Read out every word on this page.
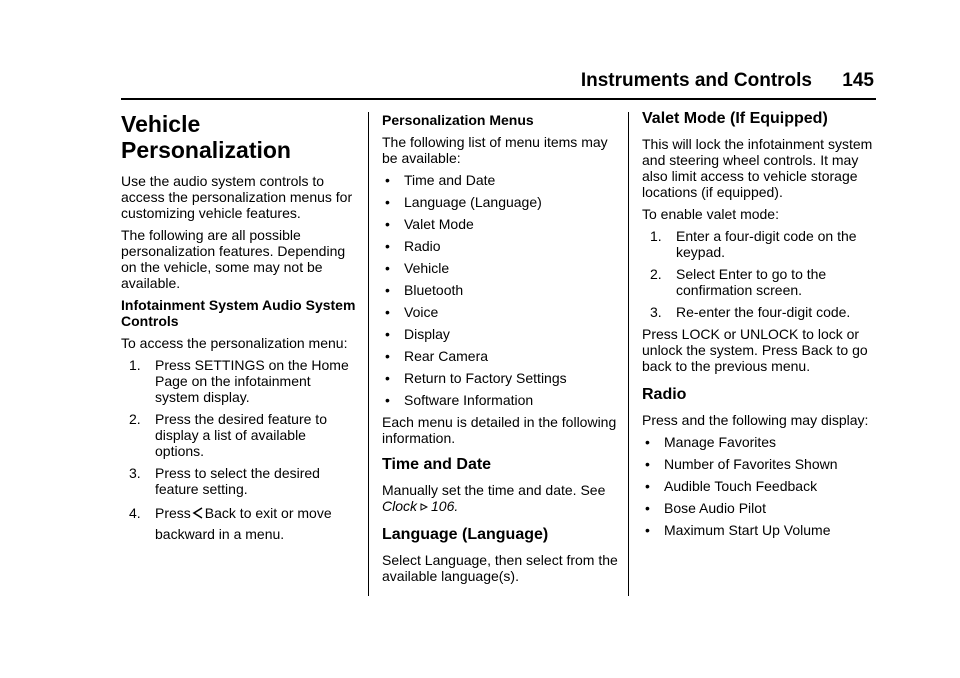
Instruments and Controls 145
Vehicle
Personalization

Use the audio system controls to access the personalization menus for customizing vehicle features.

The following are all possible personalization features. Depending on the vehicle, some may not be available.

Infotainment System Audio System Controls

To access the personalization menu:

1. Press SETTINGS on the Home Page on the infotainment system display.
2. Press the desired feature to display a list of available options.
3. Press to select the desired feature setting.
4. Press Back to exit or move backward in a menu.
Personalization Menus

The following list of menu items may be available:

• Time and Date
• Language (Language)
• Valet Mode
• Radio
• Vehicle
• Bluetooth
• Voice
• Display
• Rear Camera
• Return to Factory Settings
• Software Information

Each menu is detailed in the following information.

Time and Date

Manually set the time and date. See Clock 106.

Language (Language)

Select Language, then select from the available language(s).

Valet Mode (If Equipped)

This will lock the infotainment system and steering wheel controls. It may also limit access to vehicle storage locations (if equipped).

To enable valet mode:

1. Enter a four-digit code on the keypad.
2. Select Enter to go to the confirmation screen.
3. Re-enter the four-digit code.

Press LOCK or UNLOCK to lock or unlock the system. Press Back to go back to the previous menu.

Radio

Press and the following may display:

• Manage Favorites
• Number of Favorites Shown
• Audible Touch Feedback
• Bose Audio Pilot
• Maximum Start Up Volume
